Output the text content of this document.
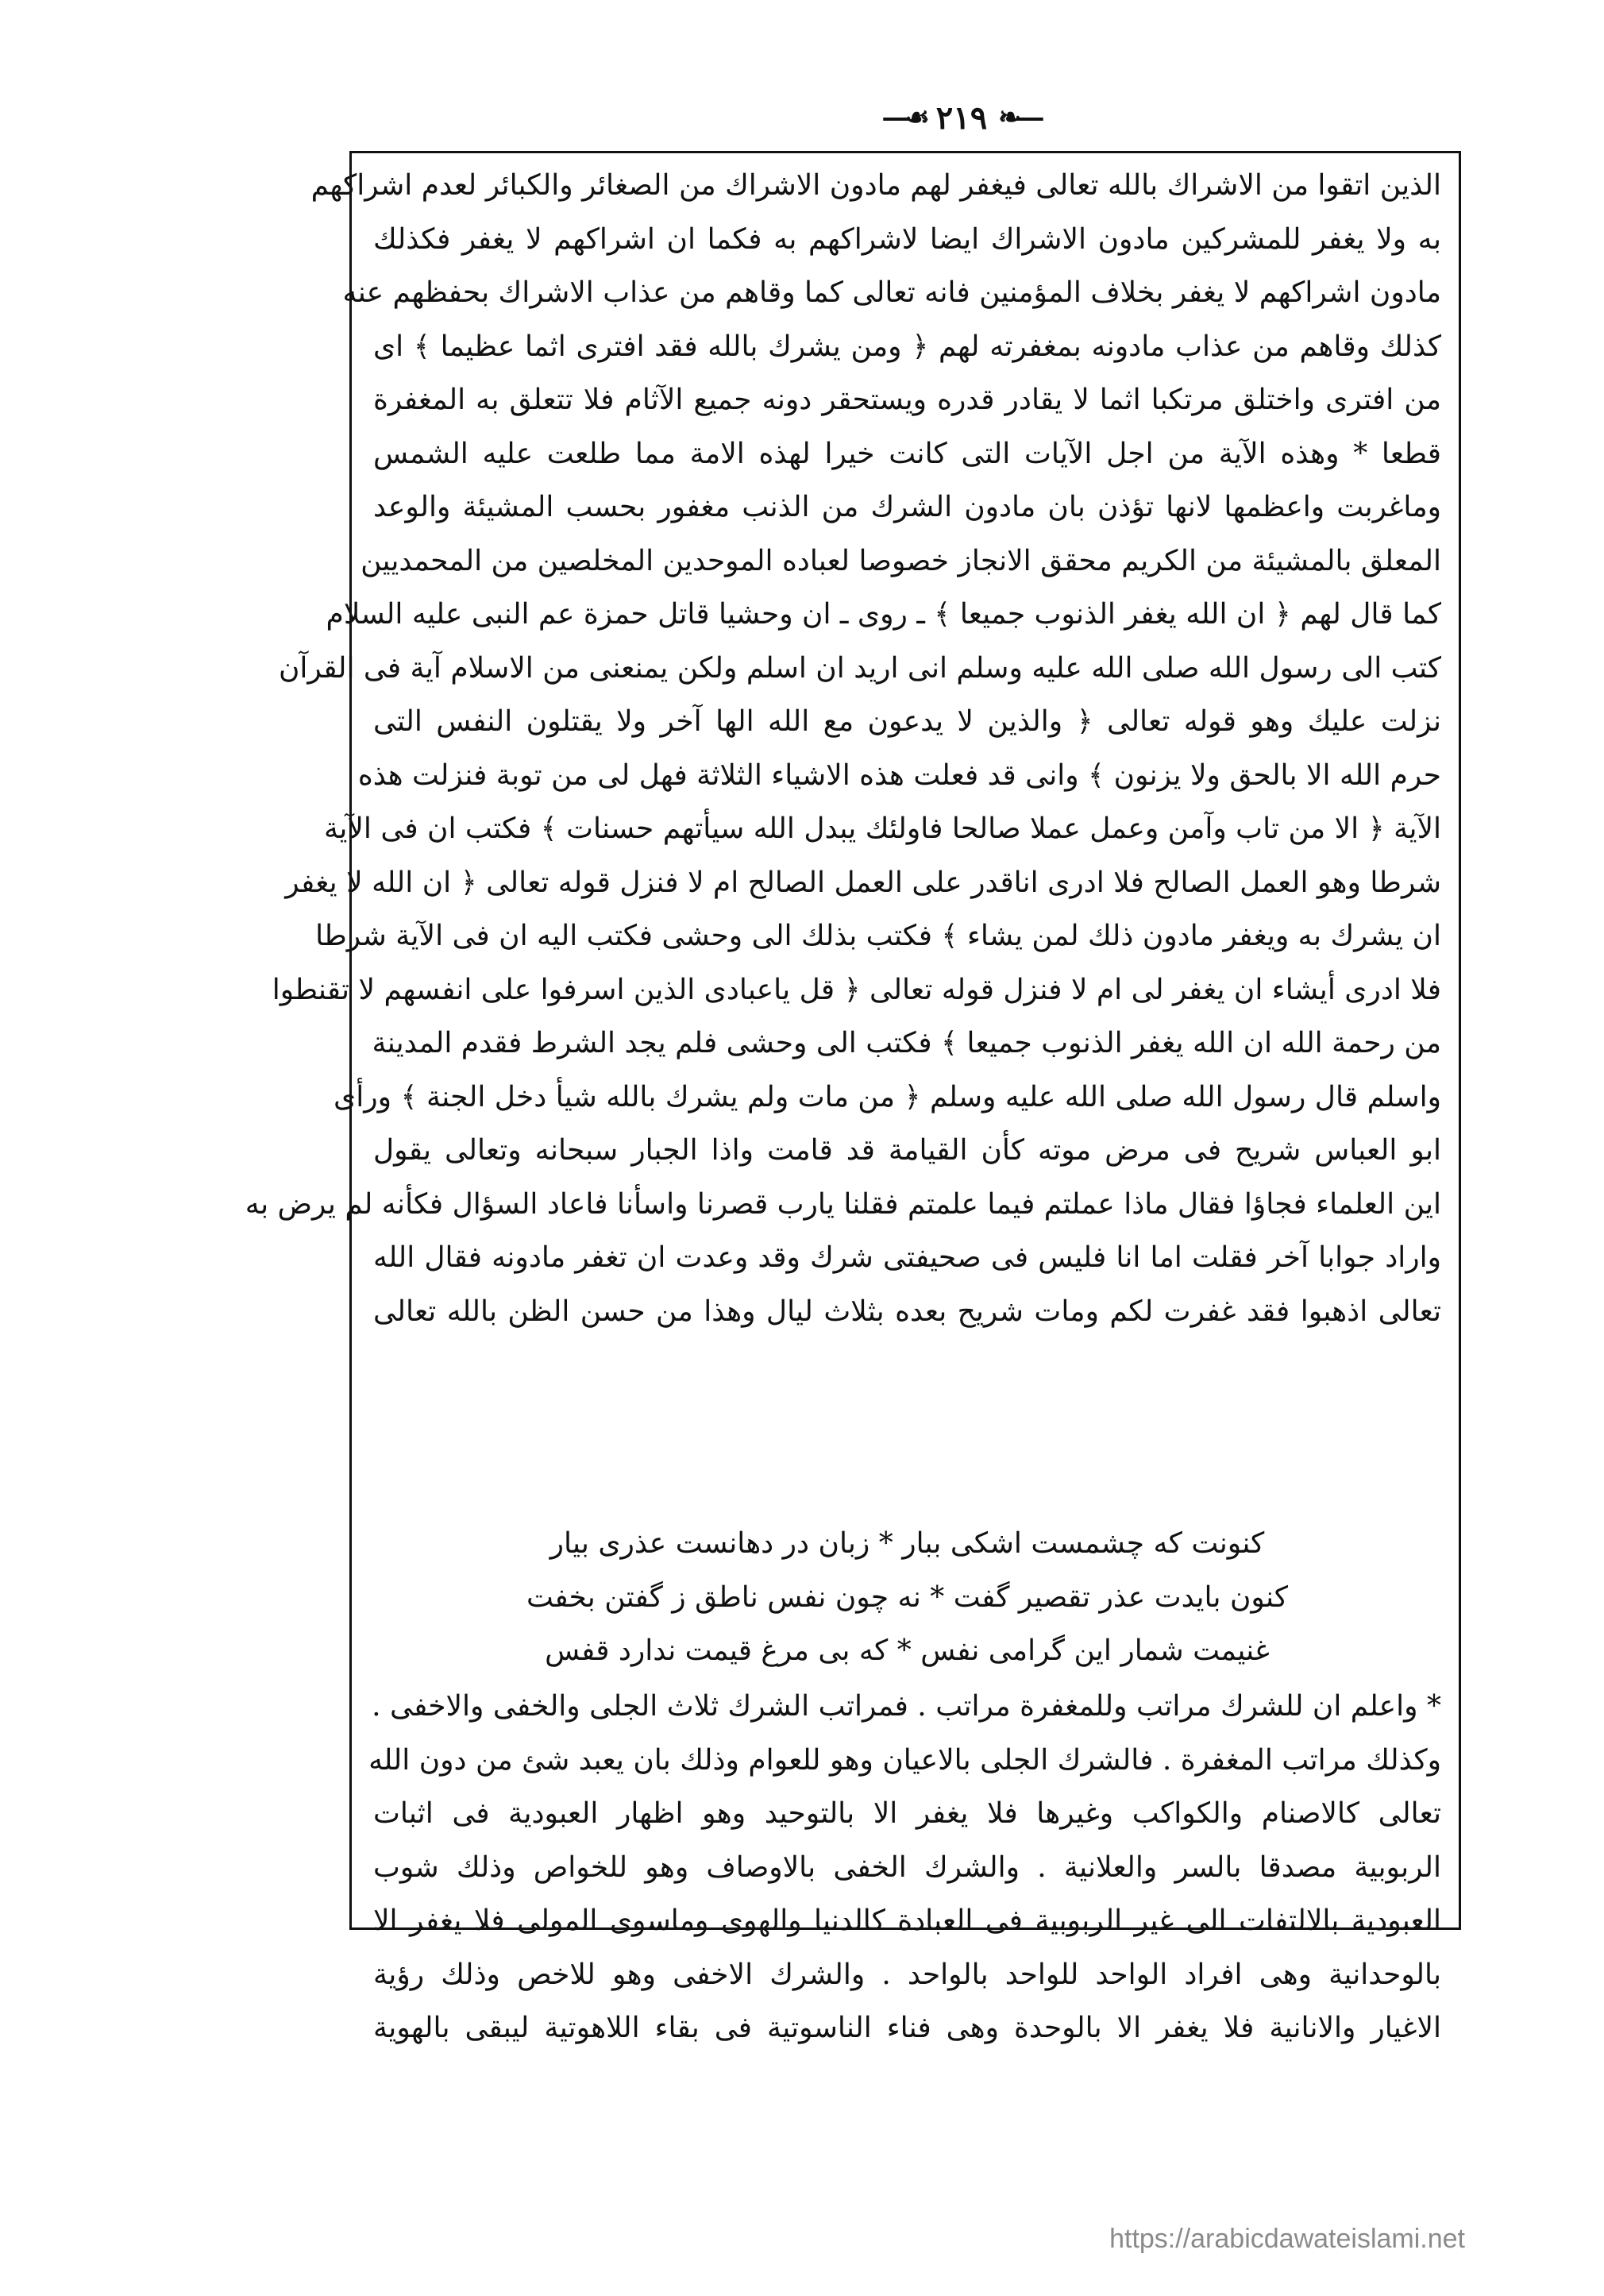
―❧
٢١٩
☙―
الذين اتقوا من الاشراك بالله تعالى فيغفر لهم مادون الاشراك من الصغائر والكبائر لعدم اشراكهم
به ولا يغفر للمشركين مادون الاشراك ايضا لاشراكهم به فكما ان اشراكهم لا يغفر فكذلك
مادون اشراكهم لا يغفر بخلاف المؤمنين فانه تعالى كما وقاهم من عذاب الاشراك بحفظهم عنه
كذلك وقاهم من عذاب مادونه بمغفرته لهم ﴿ ومن يشرك بالله فقد افترى اثما عظيما ﴾ اى
من افترى واختلق مرتكبا اثما لا يقادر قدره ويستحقر دونه جميع الآثام فلا تتعلق به المغفرة
قطعا * وهذه الآية من اجل الآيات التى كانت خيرا لهذه الامة مما طلعت عليه الشمس
وماغربت واعظمها لانها تؤذن بان مادون الشرك من الذنب مغفور بحسب المشيئة والوعد
المعلق بالمشيئة من الكريم محقق الانجاز خصوصا لعباده الموحدين المخلصين من المحمديين
كما قال لهم ﴿ ان الله يغفر الذنوب جميعا ﴾ ـ روى ـ ان وحشيا قاتل حمزة عم النبى عليه السلام
كتب الى رسول الله صلى الله عليه وسلم انى اريد ان اسلم ولكن يمنعنى من الاسلام آية فى القرآن
نزلت عليك وهو قوله تعالى ﴿ والذين لا يدعون مع الله الها آخر ولا يقتلون النفس التى
حرم الله الا بالحق ولا يزنون ﴾ وانى قد فعلت هذه الاشياء الثلاثة فهل لى من توبة فنزلت هذه
الآية ﴿ الا من تاب وآمن وعمل عملا صالحا فاولئك يبدل الله سيأتهم حسنات ﴾ فكتب ان فى الآية
شرطا وهو العمل الصالح فلا ادرى اناقدر على العمل الصالح ام لا فنزل قوله تعالى ﴿ ان الله لا يغفر
ان يشرك به ويغفر مادون ذلك لمن يشاء ﴾ فكتب بذلك الى وحشى فكتب اليه ان فى الآية شرطا
فلا ادرى أيشاء ان يغفر لى ام لا فنزل قوله تعالى ﴿ قل ياعبادى الذين اسرفوا على انفسهم لا تقنطوا
من رحمة الله ان الله يغفر الذنوب جميعا ﴾ فكتب الى وحشى فلم يجد الشرط فقدم المدينة
واسلم قال رسول الله صلى الله عليه وسلم ﴿ من مات ولم يشرك بالله شيأ دخل الجنة ﴾ ورأى
ابو العباس شريح فى مرض موته كأن القيامة قد قامت واذا الجبار سبحانه وتعالى يقول
اين العلماء فجاؤا فقال ماذا عملتم فيما علمتم فقلنا يارب قصرنا واسأنا فاعاد السؤال فكأنه لم يرض به
واراد جوابا آخر فقلت اما انا فليس فى صحيفتى شرك وقد وعدت ان تغفر مادونه فقال الله
تعالى اذهبوا فقد غفرت لكم ومات شريح بعده بثلاث ليال وهذا من حسن الظن بالله تعالى
كنونت كه چشمست اشكى ببار * زبان در دهانست عذرى بيار
كنون بايدت عذر تقصير گفت * نه چون نفس ناطق ز گفتن بخفت
غنيمت شمار اين گرامى نفس * كه بى مرغ قيمت ندارد قفس
* واعلم ان للشرك مراتب وللمغفرة مراتب . فمراتب الشرك ثلاث الجلى والخفى والاخفى .
وكذلك مراتب المغفرة . فالشرك الجلى بالاعيان وهو للعوام وذلك بان يعبد شئ من دون الله
تعالى كالاصنام والكواكب وغيرها فلا يغفر الا بالتوحيد وهو اظهار العبودية فى اثبات
الربوبية مصدقا بالسر والعلانية . والشرك الخفى بالاوصاف وهو للخواص وذلك شوب
العبودية بالالتفات الى غير الربوبية فى العبادة كالدنيا والهوى وماسوى المولى فلا يغفر الا
بالوحدانية وهى افراد الواحد للواحد بالواحد . والشرك الاخفى وهو للاخص وذلك رؤية
الاغيار والانانية فلا يغفر الا بالوحدة وهى فناء الناسوتية فى بقاء اللاهوتية ليبقى بالهوية
https://arabicdawateislami.net
